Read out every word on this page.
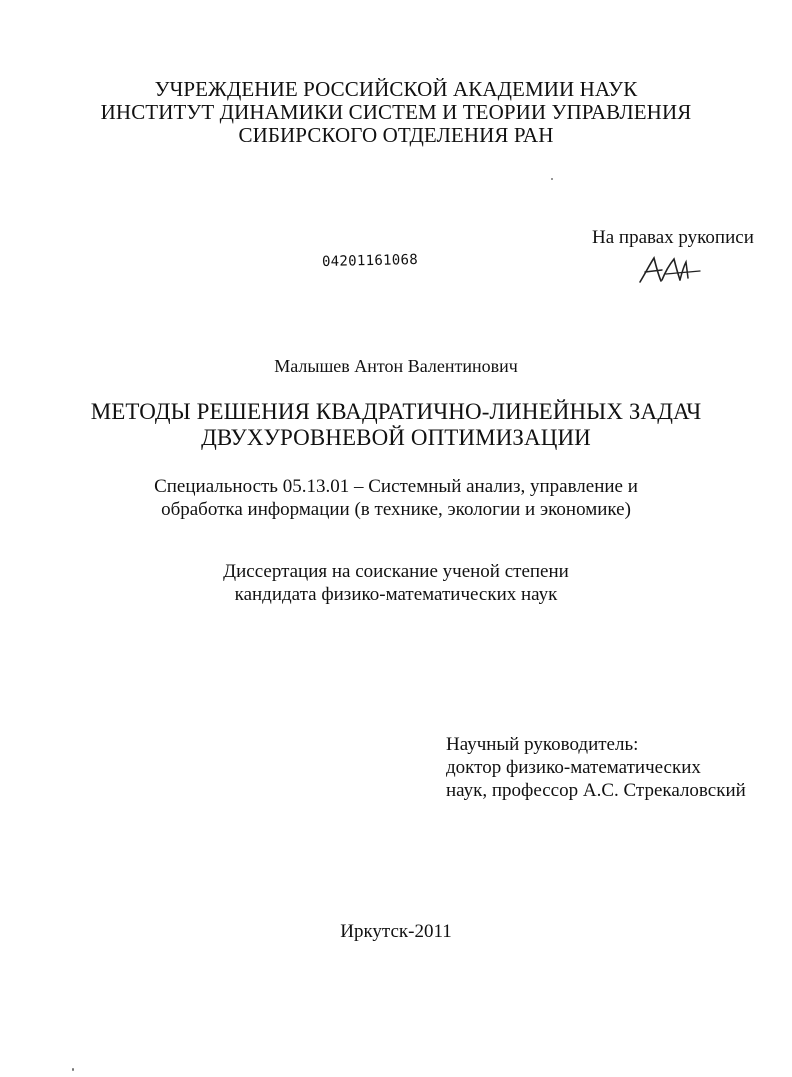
УЧРЕЖДЕНИЕ РОССИЙСКОЙ АКАДЕМИИ НАУК
ИНСТИТУТ ДИНАМИКИ СИСТЕМ И ТЕОРИИ УПРАВЛЕНИЯ
СИБИРСКОГО ОТДЕЛЕНИЯ РАН
На правах рукописи
04201161068
Малышев Антон Валентинович
МЕТОДЫ РЕШЕНИЯ КВАДРАТИЧНО-ЛИНЕЙНЫХ ЗАДАЧ
ДВУХУРОВНЕВОЙ ОПТИМИЗАЦИИ
Специальность 05.13.01 – Системный анализ, управление и
обработка информации (в технике, экологии и экономике)
Диссертация на соискание ученой степени
кандидата физико-математических наук
Научный руководитель:
доктор физико-математических
наук, профессор А.С. Стрекаловский
Иркутск-2011
